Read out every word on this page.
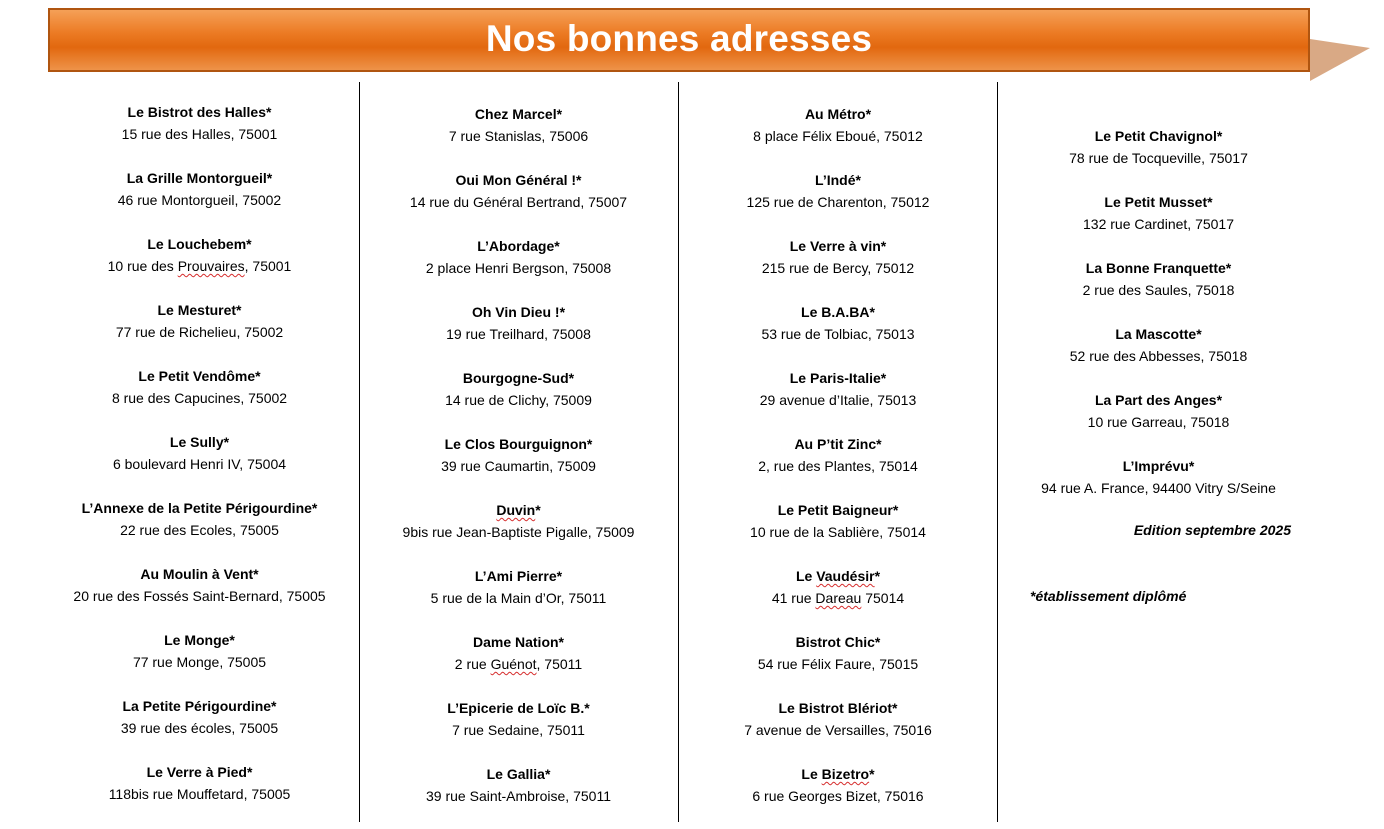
Nos bonnes adresses
Le Bistrot des Halles*
15 rue des Halles, 75001
La Grille Montorgueil*
46 rue Montorgueil, 75002
Le Louchebem*
10 rue des Prouvaires, 75001
Le Mesturet*
77 rue de Richelieu, 75002
Le Petit Vendôme*
8 rue des Capucines, 75002
Le Sully*
6 boulevard Henri IV, 75004
L’Annexe de la Petite Périgourdine*
22 rue des Ecoles, 75005
Au Moulin à Vent*
20 rue des Fossés Saint-Bernard, 75005
Le Monge*
77 rue Monge, 75005
La Petite Périgourdine*
39 rue des écoles, 75005
Le Verre à Pied*
118bis rue Mouffetard, 75005
Chez Marcel*
7 rue Stanislas, 75006
Oui Mon Général !*
14 rue du Général Bertrand, 75007
L’Abordage*
2 place Henri Bergson, 75008
Oh Vin Dieu !*
19 rue Treilhard, 75008
Bourgogne-Sud*
14 rue de Clichy, 75009
Le Clos Bourguignon*
39 rue Caumartin, 75009
Duvin*
9bis rue Jean-Baptiste Pigalle, 75009
L’Ami Pierre*
5 rue de la Main d’Or, 75011
Dame Nation*
2 rue Guénot, 75011
L’Epicerie de Loïc B.*
7 rue Sedaine, 75011
Le Gallia*
39 rue Saint-Ambroise, 75011
Au Métro*
8 place Félix Eboué, 75012
L’Indé*
125 rue de Charenton, 75012
Le Verre à vin*
215 rue de Bercy, 75012
Le B.A.BA*
53 rue de Tolbiac, 75013
Le Paris-Italie*
29 avenue d’Italie, 75013
Au P’tit Zinc*
2, rue des Plantes, 75014
Le Petit Baigneur*
10 rue de la Sablière, 75014
Le Vaudésir*
41 rue Dareau 75014
Bistrot Chic*
54 rue Félix Faure, 75015
Le Bistrot Blériot*
7 avenue de Versailles, 75016
Le Bizetro*
6 rue Georges Bizet, 75016
Le Petit Chavignol*
78 rue de Tocqueville, 75017
Le Petit Musset*
132 rue Cardinet, 75017
La Bonne Franquette*
2 rue des Saules, 75018
La Mascotte*
52 rue des Abbesses, 75018
La Part des Anges*
10 rue Garreau, 75018
L’Imprévu*
94 rue A. France, 94400 Vitry S/Seine
Edition septembre 2025
*établissement diplômé
